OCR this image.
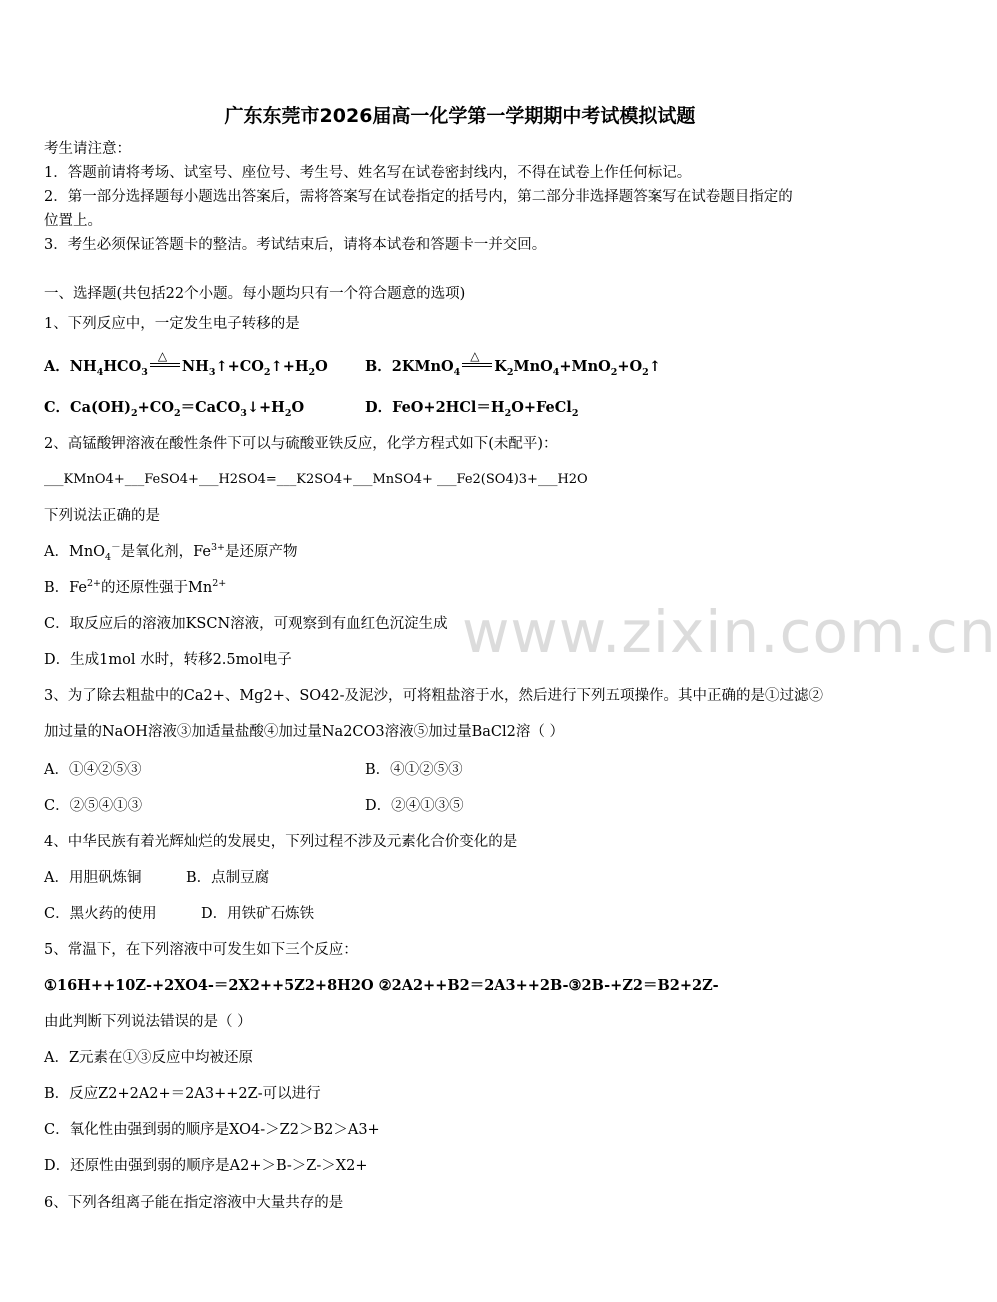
www.zixin.com.cn
广东东莞市2026届高一化学第一学期期中考试模拟试题
考生请注意：
1．答题前请将考场、试室号、座位号、考生号、姓名写在试卷密封线内，不得在试卷上作任何标记。
2．第一部分选择题每小题选出答案后，需将答案写在试卷指定的括号内，第二部分非选择题答案写在试卷题目指定的
位置上。
3．考生必须保证答题卡的整洁。考试结束后，请将本试卷和答题卡一并交回。
一、选择题(共包括22个小题。每小题均只有一个符合题意的选项)
1、下列反应中，一定发生电子转移的是
A．$NH_4HCO_3$
△
$NH_3↑+CO_2↑+H_2O$	B．2KMnO$_4$
△
$K_2MnO_4+MnO_2+O_2↑$
C．$Ca(OH)_2+CO_2=CaCO_3↓+H_2O$	D．$FeO+2HCl=H_2O+FeCl_2$
2、高锰酸钾溶液在酸性条件下可以与硫酸亚铁反应，化学方程式如下(未配平)：
___KMnO4+___FeSO4+___H2SO4=___K2SO4+___MnSO4+ ___Fe2(SO4)3+___H2O
下列说法正确的是
A．MnO$_4$－是氧化剂，$Fe^{3+}$是还原产物
B．$Fe^{2+}$的还原性强于$Mn^{2+}$
C．取反应后的溶液加KSCN溶液，可观察到有血红色沉淀生成
D．生成1mol 水时，转移2.5mol电子
3、为了除去粗盐中的Ca2+、Mg2+、SO42-及泥沙，可将粗盐溶于水，然后进行下列五项操作。其中正确的是①过滤②
加过量的NaOH溶液③加适量盐酸④加过量Na2CO3溶液⑤加过量BaCl2溶（ ）
A．①④②⑤③	B．④①②⑤③
C．②⑤④①③	D．②④①③⑤
4、中华民族有着光辉灿烂的发展史，下列过程不涉及元素化合价变化的是
A．用胆矾炼铜	B．点制豆腐
C．黑火药的使用	D．用铁矿石炼铁
5、常温下，在下列溶液中可发生如下三个反应：
①16H++10Z-+2XO4-＝2X2++5Z2+8H2O ②2A2++B2＝2A3++2B-③2B-+Z2＝B2+2Z-
由此判断下列说法错误的是（ ）
A．Z元素在①③反应中均被还原
B．反应Z2+2A2+＝2A3++2Z-可以进行
C．氧化性由强到弱的顺序是XO4-＞Z2＞B2＞A3+
D．还原性由强到弱的顺序是A2+＞B-＞Z-＞X2+
6、下列各组离子能在指定溶液中大量共存的是
